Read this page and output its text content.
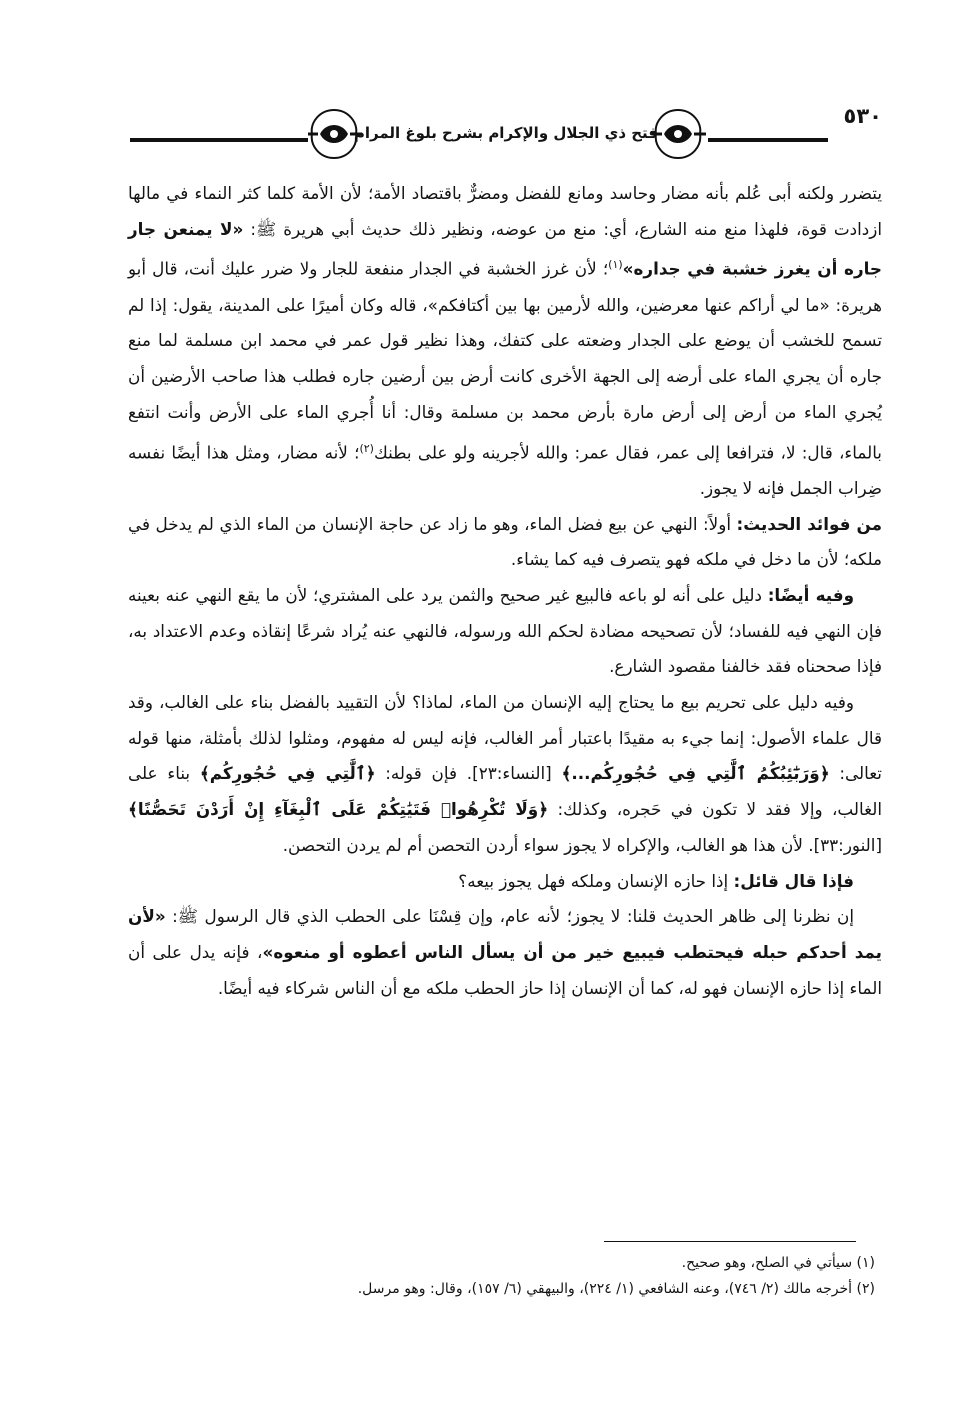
٥٣٠
فتح ذي الجلال والإكرام بشرح بلوغ المرام

يتضرر ولكنه أبى عُلم بأنه مضار وحاسد ومانع للفضل ومضرٌّ باقتصاد الأمة؛ لأن الأمة كلما كثر النماء في مالها ازدادت قوة، فلهذا منع منه الشارع، أي: منع من عوضه، ونظير ذلك حديث أبي هريرة ﷺ: «لا يمنعن جار جاره أن يغرز خشبة في جداره»$^{(١)}$؛ لأن غرز الخشبة في الجدار منفعة للجار ولا ضرر عليك أنت، قال أبو هريرة: «ما لي أراكم عنها معرضين، والله لأرمين بها بين أكتافكم»، قاله وكان أميرًا على المدينة، يقول: إذا لم تسمح للخشب أن يوضع على الجدار وضعته على كتفك، وهذا نظير قول عمر في محمد ابن مسلمة لما منع جاره أن يجري الماء على أرضه إلى الجهة الأخرى كانت أرض بين أرضين جاره فطلب هذا صاحب الأرضين أن يُجري الماء من أرض إلى أرض مارة بأرض محمد بن مسلمة وقال: أنا أُجري الماء على الأرض وأنت انتفع بالماء، قال: لا، فترافعا إلى عمر، فقال عمر: والله لأجرينه ولو على بطنك$^{(٢)}$؛ لأنه مضار، ومثل هذا أيضًا نفسه ضِراب الجمل فإنه لا يجوز.

من فوائد الحديث: أولاً: النهي عن بيع فضل الماء، وهو ما زاد عن حاجة الإنسان من الماء الذي لم يدخل في ملكه؛ لأن ما دخل في ملكه فهو يتصرف فيه كما يشاء.

وفيه أيضًا: دليل على أنه لو باعه فالبيع غير صحيح والثمن يرد على المشتري؛ لأن ما يقع النهي عنه بعينه فإن النهي فيه للفساد؛ لأن تصحيحه مضادة لحكم الله ورسوله، فالنهي عنه يُراد شرعًا إنقاذه وعدم الاعتداد به، فإذا صححناه فقد خالفنا مقصود الشارع.

وفيه دليل على تحريم بيع ما يحتاج إليه الإنسان من الماء، لماذا؟ لأن التقييد بالفضل بناء على الغالب، وقد قال علماء الأصول: إنما جيء به مقيدًا باعتبار أمر الغالب، فإنه ليس له مفهوم، ومثلوا لذلك بأمثلة، منها قوله تعالى: ﴿وَرَبَٰٓئِبُكُمُ ٱلَّٰتِي فِي حُجُورِكُم...﴾ [النساء:٢٣]. فإن قوله: ﴿ٱلَّٰتِي فِي حُجُورِكُم﴾ بناء على الغالب، وإلا فقد لا تكون في حَجره، وكذلك: ﴿وَلَا تُكْرِهُوا۟ فَتَيَٰتِكُمْ عَلَى ٱلْبِغَآءِ إِنْ أَرَدْنَ تَحَصُّنًا﴾ [النور:٣٣]. لأن هذا هو الغالب، والإكراه لا يجوز سواء أردن التحصن أم لم يردن التحصن.

فإذا قال قائل: إذا حازه الإنسان وملكه فهل يجوز بيعه؟

إن نظرنا إلى ظاهر الحديث قلنا: لا يجوز؛ لأنه عام، وإن قِسْنَا على الحطب الذي قال الرسول ﷺ: «لأن يمد أحدكم حبله فيحتطب فيبيع خير من أن يسأل الناس أعطوه أو منعوه»، فإنه يدل على أن الماء إذا حازه الإنسان فهو له، كما أن الإنسان إذا حاز الحطب ملكه مع أن الناس شركاء فيه أيضًا.

(١) سيأتي في الصلح، وهو صحيح.
(٢) أخرجه مالك (٢/ ٧٤٦)، وعنه الشافعي (١/ ٢٢٤)، والبيهقي (٦/ ١٥٧)، وقال: وهو مرسل.
